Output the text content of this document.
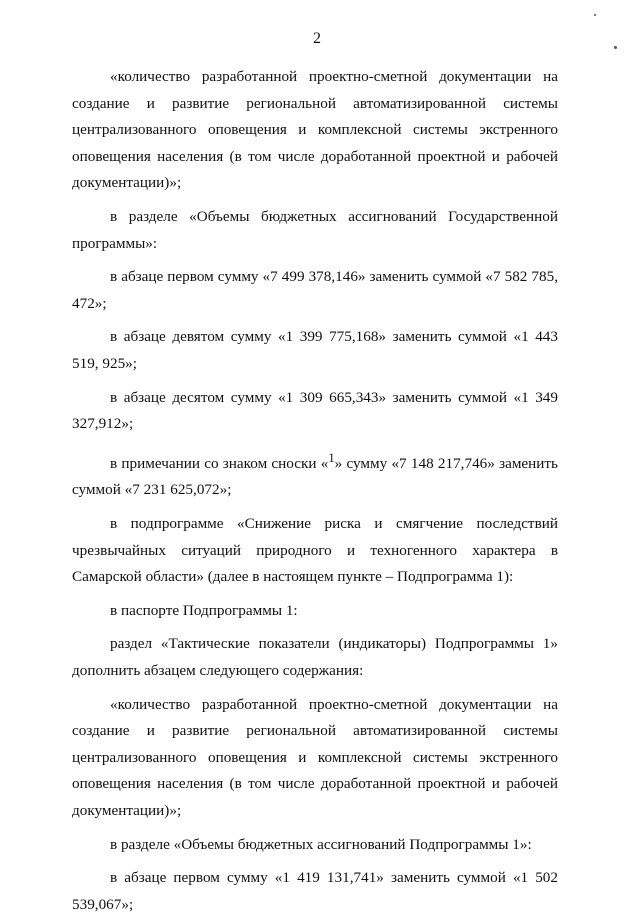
2

«количество разработанной проектно-сметной документации на создание и развитие региональной автоматизированной системы централизованного оповещения и комплексной системы экстренного оповещения населения (в том числе доработанной проектной и рабочей документации)»;

в разделе «Объемы бюджетных ассигнований Государственной программы»:

в абзаце первом сумму «7 499 378,146» заменить суммой «7 582 785, 472»;

в абзаце девятом сумму «1 399 775,168» заменить суммой «1 443 519, 925»;

в абзаце десятом сумму «1 309 665,343» заменить суммой «1 349 327,912»;

в примечании со знаком сноски «$^1$» сумму «7 148 217,746» заменить суммой «7 231 625,072»;

в подпрограмме «Снижение риска и смягчение последствий чрезвычайных ситуаций природного и техногенного характера в Самарской области» (далее в настоящем пункте – Подпрограмма 1):

в паспорте Подпрограммы 1:

раздел «Тактические показатели (индикаторы) Подпрограммы 1» дополнить абзацем следующего содержания:

«количество разработанной проектно-сметной документации на создание и развитие региональной автоматизированной системы централизованного оповещения и комплексной системы экстренного оповещения населения (в том числе доработанной проектной и рабочей документации)»;

в разделе «Объемы бюджетных ассигнований Подпрограммы 1»:

в абзаце первом сумму «1 419 131,741» заменить суммой «1 502 539,067»;
